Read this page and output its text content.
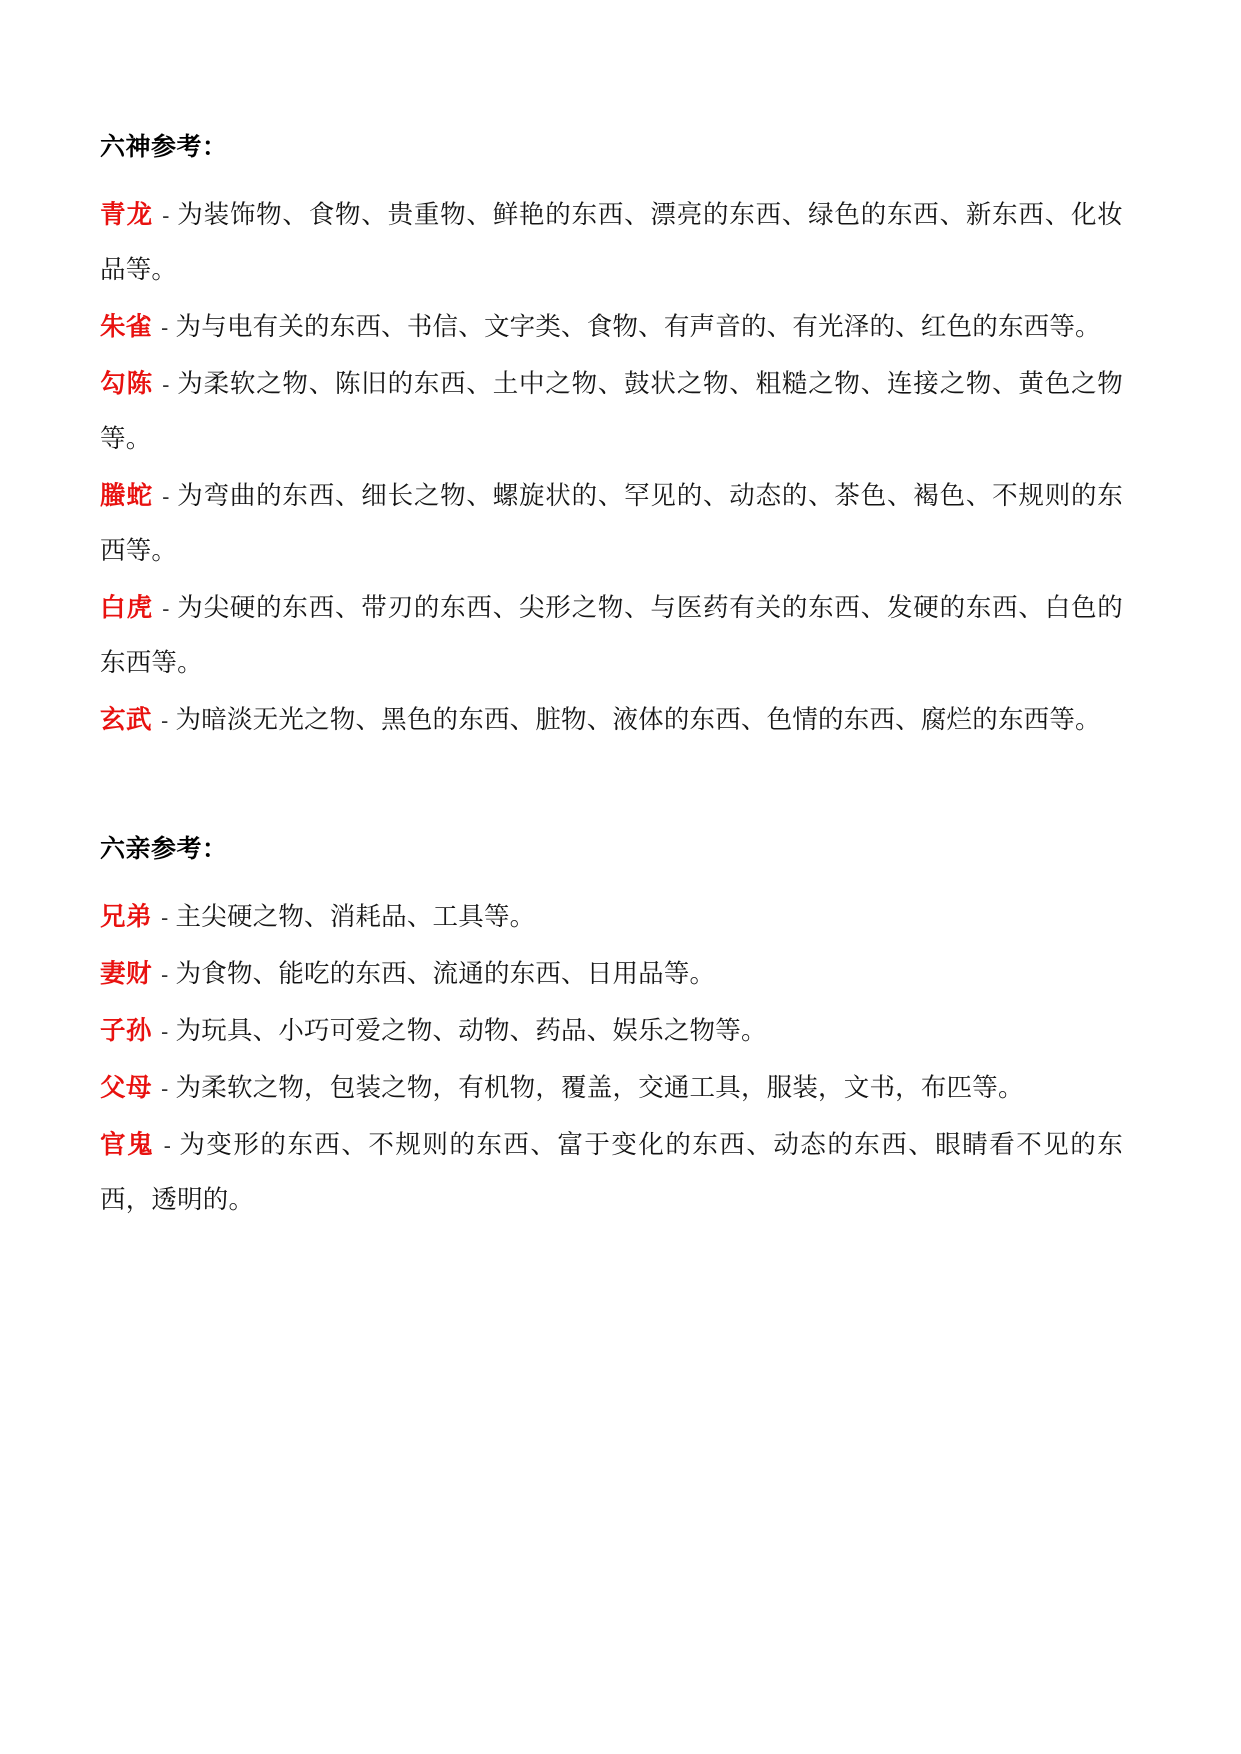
六神参考：

青龙 - 为装饰物、食物、贵重物、鲜艳的东西、漂亮的东西、绿色的东西、新东西、化妆品等。

朱雀 - 为与电有关的东西、书信、文字类、食物、有声音的、有光泽的、红色的东西等。

勾陈 - 为柔软之物、陈旧的东西、土中之物、鼓状之物、粗糙之物、连接之物、黄色之物等。

螣蛇 - 为弯曲的东西、细长之物、螺旋状的、罕见的、动态的、茶色、褐色、不规则的东西等。

白虎 - 为尖硬的东西、带刃的东西、尖形之物、与医药有关的东西、发硬的东西、白色的东西等。

玄武 - 为暗淡无光之物、黑色的东西、脏物、液体的东西、色情的东西、腐烂的东西等。

六亲参考：

兄弟 - 主尖硬之物、消耗品、工具等。

妻财 - 为食物、能吃的东西、流通的东西、日用品等。

子孙 - 为玩具、小巧可爱之物、动物、药品、娱乐之物等。

父母 - 为柔软之物，包装之物，有机物，覆盖，交通工具，服装，文书，布匹等。

官鬼 - 为变形的东西、不规则的东西、富于变化的东西、动态的东西、眼睛看不见的东西，透明的。
